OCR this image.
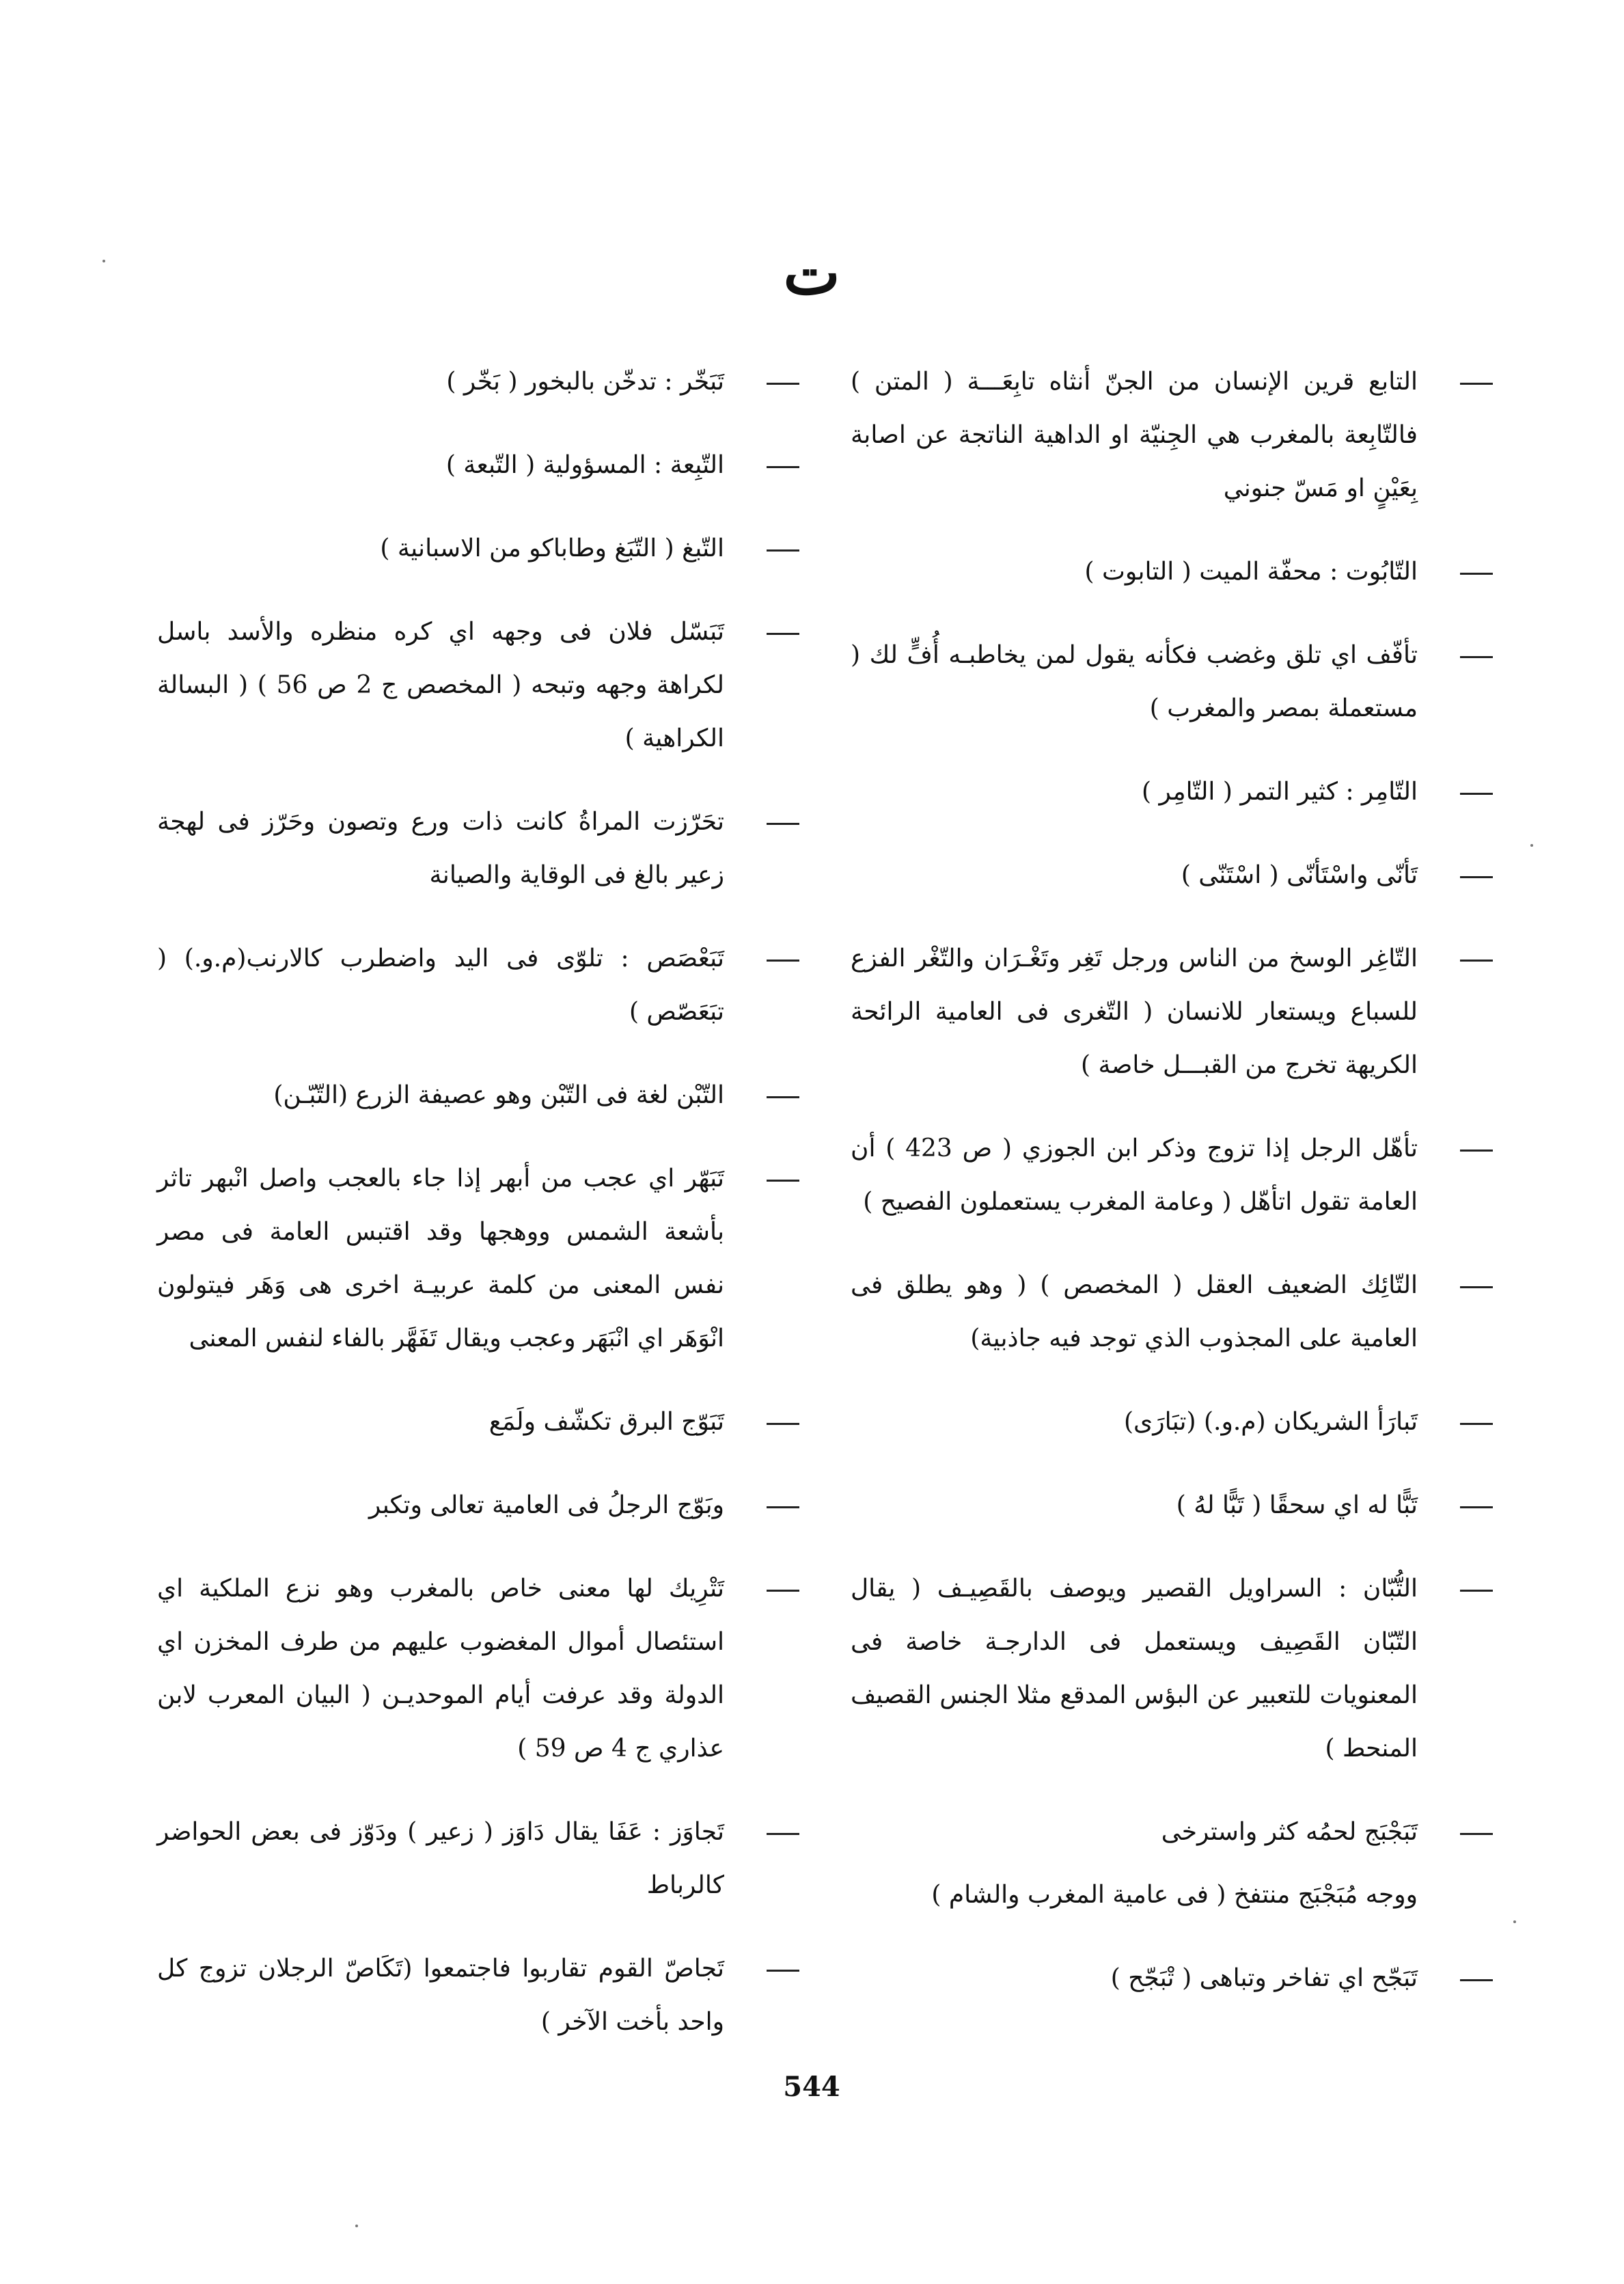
ت
التابع قرين الإنسان من الجنّ أنثاه تابِعَـــة ( المتن ) فالتّابِعة بالمغرب هي الجِنيّة او الداهية الناتجة عن اصابة بِعَيْنٍ او مَسّ جنوني
التّابُوت : محفّة الميت ( التابوت )
تأفّف اي تلق وغضب فكأنه يقول لمن يخاطبـه أُفٍّ لك ( مستعملة بمصر والمغرب )
التّامِر : كثير التمر ( التّامِر )
تَأنّى واسْتَأنّى ( اسْتَنّى )
التّاغِر الوسخ من الناس ورجل تَغِر وتَغْـرَان والتّغْر الفزع للسباع ويستعار للانسان ( التّغرى فى العامية الرائحة الكريهة تخرج من القبـــل خاصة )
تأهّل الرجل إذا تزوج وذكر ابن الجوزي ( ص 423 ) أن العامة تقول اتأهّل ( وعامة المغرب يستعملون الفصيح )
التّائِك الضعيف العقل ( المخصص ) ( وهو يطلق فى العامية على المجذوب الذي توجد فيه جاذبية)
تَبارَأ الشريكان (م.و.) (تبَارَى)
تَبًّا له اي سحقًا ( تَبًّا لهُ )
التُّبّان : السراويل القصير ويوصف بالقَصِيـف ( يقال التّبّان القَصِيف ويستعمل فى الدارجـة خاصة فى المعنويات للتعبير عن البؤس المدقع مثلا الجنس القصيف المنحط )
تَبَجْبَج لحمُه كثر واسترخى
ووجه مُبَجْبَج منتفخ ( فى عامية المغرب والشام )
تَبَجّح اي تفاخر وتباهى ( تْبَجّح )
تَبَخّر : تدخّن بالبخور ( بَخّر )
التّبِعة : المسؤولية ( التّبعة )
التّبغ ( التّبَغ وطاباكو من الاسبانية )
تَبَسّل فلان فى وجهه اي كره منظره والأسد باسل لكراهة وجهه وتبحه ( المخصص ج 2 ص 56 ) ( البسالة الكراهية )
تحَرّزت المراةُ كانت ذات ورع وتصون وحَرّز فى لهجة زعير بالغ فى الوقاية والصيانة
تَبَعْصَص : تلوّى فى اليد واضطرب كالارنب(م.و.) ( تبَعَصّص )
التّبْن لغة فى التّبْن وهو عصيفة الزرع (التّبّـن)
تَبَهّر اي عجب من أبهر إذا جاء بالعجب واصل انْبهر تاثر بأشعة الشمس ووهجها وقد اقتبس العامة فى مصر نفس المعنى من كلمة عربيـة اخرى هى وَهَر فيتولون انْوَهَر اي انْبَهَر وعجب ويقال تَفَهَّر بالفاء لنفس المعنى
تَبَوّج البرق تكشّف ولَمَع
وبَوّج الرجلُ فى العامية تعالى وتكبر
تَتْرِيك لها معنى خاص بالمغرب وهو نزع الملكية اي استئصال أموال المغضوب عليهم من طرف المخزن اي الدولة وقد عرفت أيام الموحديـن ( البيان المعرب لابن عذاري ج 4 ص 59 )
تَجاوَز : عَفَا يقال دَاوَز ( زعير ) ودَوّز فى بعض الحواضر كالرباط
تَجاصّ القوم تقاربوا فاجتمعوا (تَكَاصّ الرجلان تزوج كل واحد بأخت الآخر )
544
